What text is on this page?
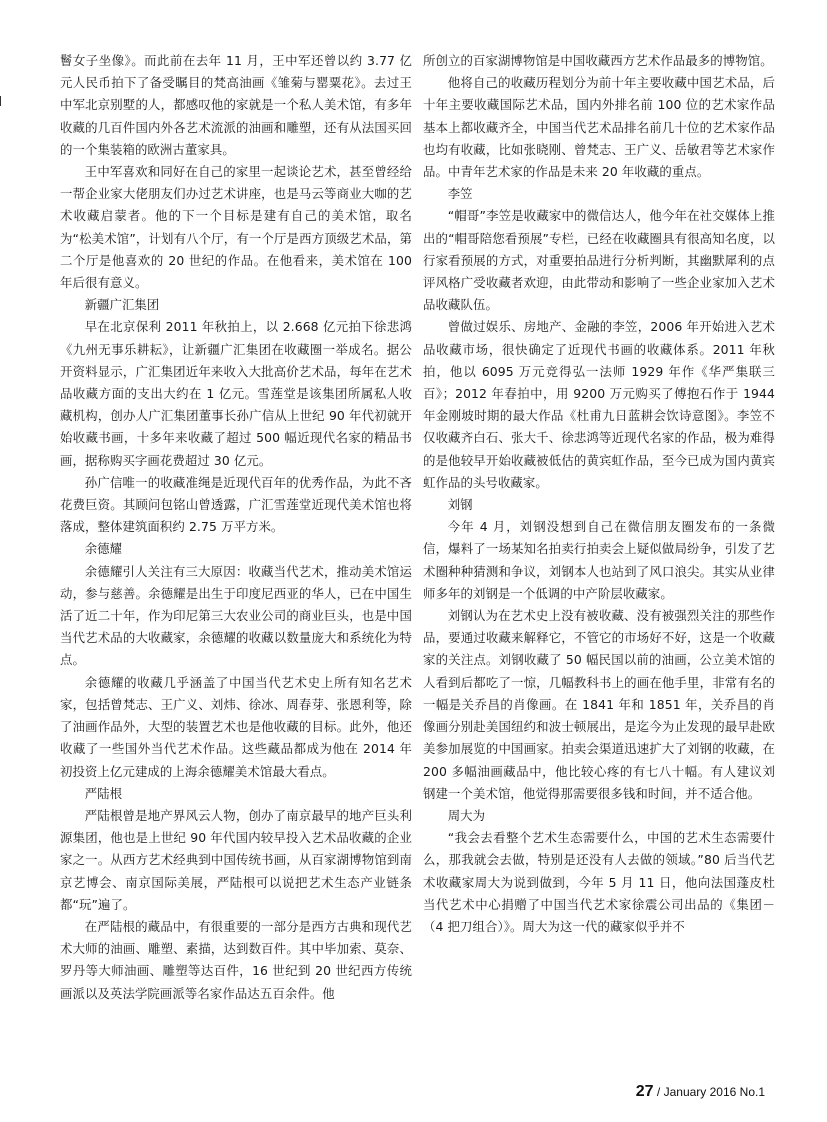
鬙女子坐像》。而此前在去年 11 月，王中军还曾以约 3.77 亿元人民币拍下了备受瞩目的梵高油画《雏菊与罂粟花》。去过王中军北京别墅的人，都感叹他的家就是一个私人美术馆，有多年收藏的几百件国内外各艺术流派的油画和雕塑，还有从法国买回的一个集装箱的欧洲古董家具。

王中军喜欢和同好在自己的家里一起谈论艺术，甚至曾经给一帮企业家大佬朋友们办过艺术讲座，也是马云等商业大咖的艺术收藏启蒙者。他的下一个目标是建有自己的美术馆，取名为“松美术馆”，计划有八个厅，有一个厅是西方顶级艺术品，第二个厅是他喜欢的 20 世纪的作品。在他看来，美术馆在 100 年后很有意义。

新疆广汇集团

早在北京保利 2011 年秋拍上，以 2.668 亿元拍下徐悲鸿《九州无事乐耕耘》，让新疆广汇集团在收藏圈一举成名。据公开资料显示，广汇集团近年来收入大批高价艺术品，每年在艺术品收藏方面的支出大约在 1 亿元。雪莲堂是该集团所属私人收藏机构，创办人广汇集团董事长孙广信从上世纪 90 年代初就开始收藏书画，十多年来收藏了超过 500 幅近现代名家的精品书画，据称购买字画花费超过 30 亿元。

孙广信唯一的收藏准绳是近现代百年的优秀作品，为此不吝花费巨资。其顾问包铭山曾透露，广汇雪莲堂近现代美术馆也将落成，整体建筑面积约 2.75 万平方米。

余德耀

余德耀引人关注有三大原因：收藏当代艺术，推动美术馆运动，参与慈善。余德耀是出生于印度尼西亚的华人，已在中国生活了近二十年，作为印尼第三大农业公司的商业巨头，也是中国当代艺术品的大收藏家，余德耀的收藏以数量庞大和系统化为特点。

余德耀的收藏几乎涵盖了中国当代艺术史上所有知名艺术家，包括曾梵志、王广义、刘炜、徐冰、周春芽、张恩利等，除了油画作品外，大型的装置艺术也是他收藏的目标。此外，他还收藏了一些国外当代艺术作品。这些藏品都成为他在 2014 年初投资上亿元建成的上海余德耀美术馆最大看点。

严陆根

严陆根曾是地产界风云人物，创办了南京最早的地产巨头利源集团，他也是上世纪 90 年代国内较早投入艺术品收藏的企业家之一。从西方艺术经典到中国传统书画，从百家湖博物馆到南京艺博会、南京国际美展，严陆根可以说把艺术生态产业链条都“玩”遍了。

在严陆根的藏品中，有很重要的一部分是西方古典和现代艺术大师的油画、雕塑、素描，达到数百件。其中毕加索、莫奈、罗丹等大师油画、雕塑等达百件，16 世纪到 20 世纪西方传统画派以及英法学院画派等名家作品达五百余件。他

所创立的百家湖博物馆是中国收藏西方艺术作品最多的博物馆。

他将自己的收藏历程划分为前十年主要收藏中国艺术品，后十年主要收藏国际艺术品，国内外排名前 100 位的艺术家作品基本上都收藏齐全，中国当代艺术品排名前几十位的艺术家作品也均有收藏，比如张晓刚、曾梵志、王广义、岳敏君等艺术家作品。中青年艺术家的作品是未来 20 年收藏的重点。

李笠

“帽哥”李笠是收藏家中的微信达人，他今年在社交媒体上推出的“帽哥陪您看预展”专栏，已经在收藏圈具有很高知名度，以行家看预展的方式，对重要拍品进行分析判断，其幽默犀利的点评风格广受收藏者欢迎，由此带动和影响了一些企业家加入艺术品收藏队伍。

曾做过娱乐、房地产、金融的李笠，2006 年开始进入艺术品收藏市场，很快确定了近现代书画的收藏体系。2011 年秋拍，他以 6095 万元竞得弘一法师 1929 年作《华严集联三百》；2012 年春拍中，用 9200 万元购买了傅抱石作于 1944 年金刚坡时期的最大作品《杜甫九日蓝耕会饮诗意图》。李笠不仅收藏齐白石、张大千、徐悲鸿等近现代名家的作品，极为难得的是他较早开始收藏被低估的黄宾虹作品，至今已成为国内黄宾虹作品的头号收藏家。

刘钢

今年 4 月，刘钢没想到自己在微信朋友圈发布的一条微信，爆料了一场某知名拍卖行拍卖会上疑似做局纷争，引发了艺术圈种种猜测和争议，刘钢本人也站到了风口浪尖。其实从业律师多年的刘钢是一个低调的中产阶层收藏家。

刘钢认为在艺术史上没有被收藏、没有被强烈关注的那些作品，要通过收藏来解释它，不管它的市场好不好，这是一个收藏家的关注点。刘钢收藏了 50 幅民国以前的油画，公立美术馆的人看到后都吃了一惊，几幅教科书上的画在他手里，非常有名的一幅是关乔昌的肖像画。在 1841 年和 1851 年，关乔昌的肖像画分别赴美国纽约和波士顿展出，是迄今为止发现的最早赴欧美参加展览的中国画家。拍卖会渠道迅速扩大了刘钢的收藏，在 200 多幅油画藏品中，他比较心疼的有七八十幅。有人建议刘钢建一个美术馆，他觉得那需要很多钱和时间，并不适合他。

周大为

“我会去看整个艺术生态需要什么，中国的艺术生态需要什么，那我就会去做，特别是还没有人去做的领域。”80 后当代艺术收藏家周大为说到做到，今年 5 月 11 日，他向法国蓬皮杜当代艺术中心捐赠了中国当代艺术家徐震公司出品的《集团－（4 把刀组合）》。周大为这一代的藏家似乎并不

27 / January 2016 No.1
